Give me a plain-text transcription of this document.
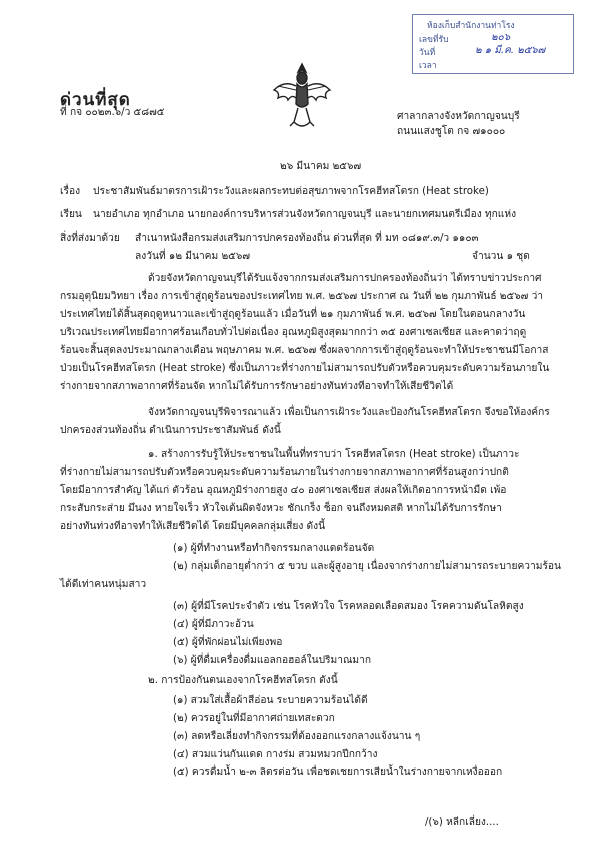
ห้องเก็บสำนักงานท่าโรง
เลขที่รับ	๒๐๖
วันที่	๒ ๑ มี.ค. ๒๕๖๗
เวลา
ด่วนที่สุด
ที่ กจ ๐๐๒๓.๖/ว ๕๘๗๕	ศาลากลางจังหวัดกาญจนบุรี
ถนนแสงชูโต กจ ๗๑๐๐๐
๒๖ มีนาคม ๒๕๖๗
เรื่อง ประชาสัมพันธ์มาตรการเฝ้าระวังและผลกระทบต่อสุขภาพจากโรคฮีทสโตรก (Heat stroke)
เรียน นายอำเภอ ทุกอำเภอ นายกองค์การบริหารส่วนจังหวัดกาญจนบุรี และนายกเทศมนตรีเมือง ทุกแห่ง
สิ่งที่ส่งมาด้วย สำเนาหนังสือกรมส่งเสริมการปกครองท้องถิ่น ด่วนที่สุด ที่ มท ๐๘๑๙.๓/ว ๑๑๐๓
ลงวันที่ ๑๒ มีนาคม ๒๕๖๗	จำนวน ๑ ชุด
ด้วยจังหวัดกาญจนบุรีได้รับแจ้งจากกรมส่งเสริมการปกครองท้องถิ่นว่า ได้ทราบข่าวประกาศ
กรมอุตุนิยมวิทยา เรื่อง การเข้าสู่ฤดูร้อนของประเทศไทย พ.ศ. ๒๕๖๗ ประกาศ ณ วันที่ ๒๒ กุมภาพันธ์ ๒๕๖๗ ว่า
ประเทศไทยได้สิ้นสุดฤดูหนาวและเข้าสู่ฤดูร้อนแล้ว เมื่อวันที่ ๒๑ กุมภาพันธ์ พ.ศ. ๒๕๖๗ โดยในตอนกลางวัน
บริเวณประเทศไทยมีอากาศร้อนเกือบทั่วไปต่อเนื่อง อุณหภูมิสูงสุดมากกว่า ๓๕ องศาเซลเซียส และคาดว่าฤดู
ร้อนจะสิ้นสุดลงประมาณกลางเดือน พฤษภาคม พ.ศ. ๒๕๖๗ ซึ่งผลจากการเข้าสู่ฤดูร้อนจะทำให้ประชาชนมีโอกาส
ป่วยเป็นโรคฮีทสโตรก (Heat stroke) ซึ่งเป็นภาวะที่ร่างกายไม่สามารถปรับตัวหรือควบคุมระดับความร้อนภายใน
ร่างกายจากสภาพอากาศที่ร้อนจัด หากไม่ได้รับการรักษาอย่างทันท่วงทีอาจทำให้เสียชีวิตได้
จังหวัดกาญจนบุรีพิจารณาแล้ว เพื่อเป็นการเฝ้าระวังและป้องกันโรคฮีทสโตรก จึงขอให้องค์กร
ปกครองส่วนท้องถิ่น ดำเนินการประชาสัมพันธ์ ดังนี้
๑. สร้างการรับรู้ให้ประชาชนในพื้นที่ทราบว่า โรคฮีทสโตรก (Heat stroke) เป็นภาวะ
ที่ร่างกายไม่สามารถปรับตัวหรือควบคุมระดับความร้อนภายในร่างกายจากสภาพอากาศที่ร้อนสูงกว่าปกติ
โดยมีอาการสำคัญ ได้แก่ ตัวร้อน อุณหภูมิร่างกายสูง ๔๐ องศาเซลเซียส ส่งผลให้เกิดอาการหน้ามืด เพ้อ
กระสับกระส่าย มึนงง หายใจเร็ว หัวใจเต้นผิดจังหวะ ชักเกร็ง ช็อก จนถึงหมดสติ หากไม่ได้รับการรักษา
อย่างทันท่วงทีอาจทำให้เสียชีวิตได้ โดยมีบุคคลกลุ่มเสี่ยง ดังนี้
(๑) ผู้ที่ทำงานหรือทำกิจกรรมกลางแดดร้อนจัด
(๒) กลุ่มเด็กอายุต่ำกว่า ๕ ขวบ และผู้สูงอายุ เนื่องจากร่างกายไม่สามารถระบายความร้อน
ได้ดีเท่าคนหนุ่มสาว
(๓) ผู้ที่มีโรคประจำตัว เช่น โรคหัวใจ โรคหลอดเลือดสมอง โรคความดันโลหิตสูง
(๔) ผู้ที่มีภาวะอ้วน
(๕) ผู้ที่พักผ่อนไม่เพียงพอ
(๖) ผู้ที่ดื่มเครื่องดื่มแอลกอฮอล์ในปริมาณมาก
๒. การป้องกันตนเองจากโรคฮีทสโตรก ดังนี้
(๑) สวมใส่เสื้อผ้าสีอ่อน ระบายความร้อนได้ดี
(๒) ควรอยู่ในที่มีอากาศถ่ายเทสะดวก
(๓) ลดหรือเลี่ยงทำกิจกรรมที่ต้องออกแรงกลางแจ้งนาน ๆ
(๔) สวมแว่นกันแดด กางร่ม สวมหมวกปีกกว้าง
(๕) ควรดื่มน้ำ ๒-๓ ลิตรต่อวัน เพื่อชดเชยการเสียน้ำในร่างกายจากเหงื่อออก
/(๖) หลีกเลี่ยง....
